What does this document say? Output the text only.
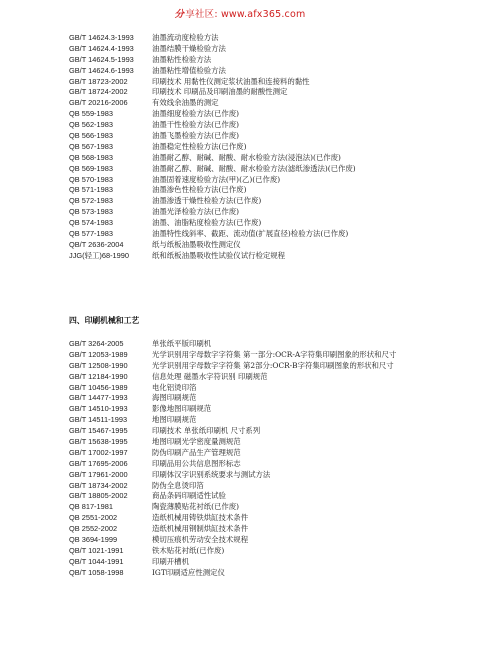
分享社区: www.afx365.com
GB/T 14624.3-1993 油墨流动度检验方法
GB/T 14624.4-1993 油墨结膜干燥检验方法
GB/T 14624.5-1993 油墨粘性检验方法
GB/T 14624.6-1993 油墨粘性增值检验方法
GB/T 18723-2002	印刷技术 用黏性仪测定浆状油墨和连接料的黏性
GB/T 18724-2002	印刷技术 印刷品及印刷油墨的耐酸性测定
GB/T 20216-2006	有效线余油墨的测定
QB 559-1983	油墨细度检验方法(已作废)
QB 562-1983	油墨干性检验方法(已作废)
QB 566-1983	油墨飞墨检验方法(已作废)
QB 567-1983	油墨稳定性检验方法(已作废)
QB 568-1983	油墨耐乙醇、耐碱、耐酸、耐水检验方法(浸泡法)(已作废)
QB 569-1983	油墨耐乙醇、耐碱、耐酸、耐水检验方法(滤纸渗透法)(已作废)
QB 570-1983	油墨固着速度检验方法(甲)(乙)(已作废)
QB 571-1983	油墨渗色性检验方法(已作废)
QB 572-1983	油墨渗透干燥性检验方法(已作废)
QB 573-1983	油墨光泽检验方法(已作废)
QB 574-1983	油墨、油脂粘度检验方法(已作废)
QB 577-1983	油墨特性线斜率、截距、流动值(扩展直径)检验方法(已作废)
QB/T 2636-2004	纸与纸板油墨吸收性测定仪
JJG(轻工)68-1990	纸和纸板油墨吸收性试验仪试行检定规程
四、印刷机械和工艺
GB/T 3264-2005	单张纸平版印刷机
GB/T 12053-1989	光学识别用字母数字字符集 第一部分:OCR-A字符集印刷图象的形状和尺寸
GB/T 12508-1990	光学识别用字母数字字符集 第2部分:OCR-B字符集印刷图象的形状和尺寸
GB/T 12184-1990	信息处理 磁墨水字符识别 印刷规范
GB/T 10456-1989	电化铝烫印箔
GB/T 14477-1993	海图印刷规范
GB/T 14510-1993	影像地图印刷规范
GB/T 14511-1993	地图印刷规范
GB/T 15467-1995	印刷技术 单张纸印刷机 尺寸系列
GB/T 15638-1995	地图印刷光学密度量测规范
GB/T 17002-1997	防伪印刷产品生产管理规范
GB/T 17695-2006	印刷品用公共信息图形标志
GB/T 17961-2000	印刷体汉字识别系统要求与测试方法
GB/T 18734-2002	防伪全息烫印箔
GB/T 18805-2002	商品条码印刷适性试验
QB 817-1981	陶瓷薄膜贴花衬纸(已作废)
QB 2551-2002	造纸机械用铸铁烘缸技术条件
QB 2552-2002	造纸机械用钢制烘缸技术条件
QB 3694-1999	模切压痕机劳动安全技术规程
QB/T 1021-1991	铁木贴花衬纸(已作废)
QB/T 1044-1991	印刷开槽机
QB/T 1058-1998	IGT印刷适应性测定仪
